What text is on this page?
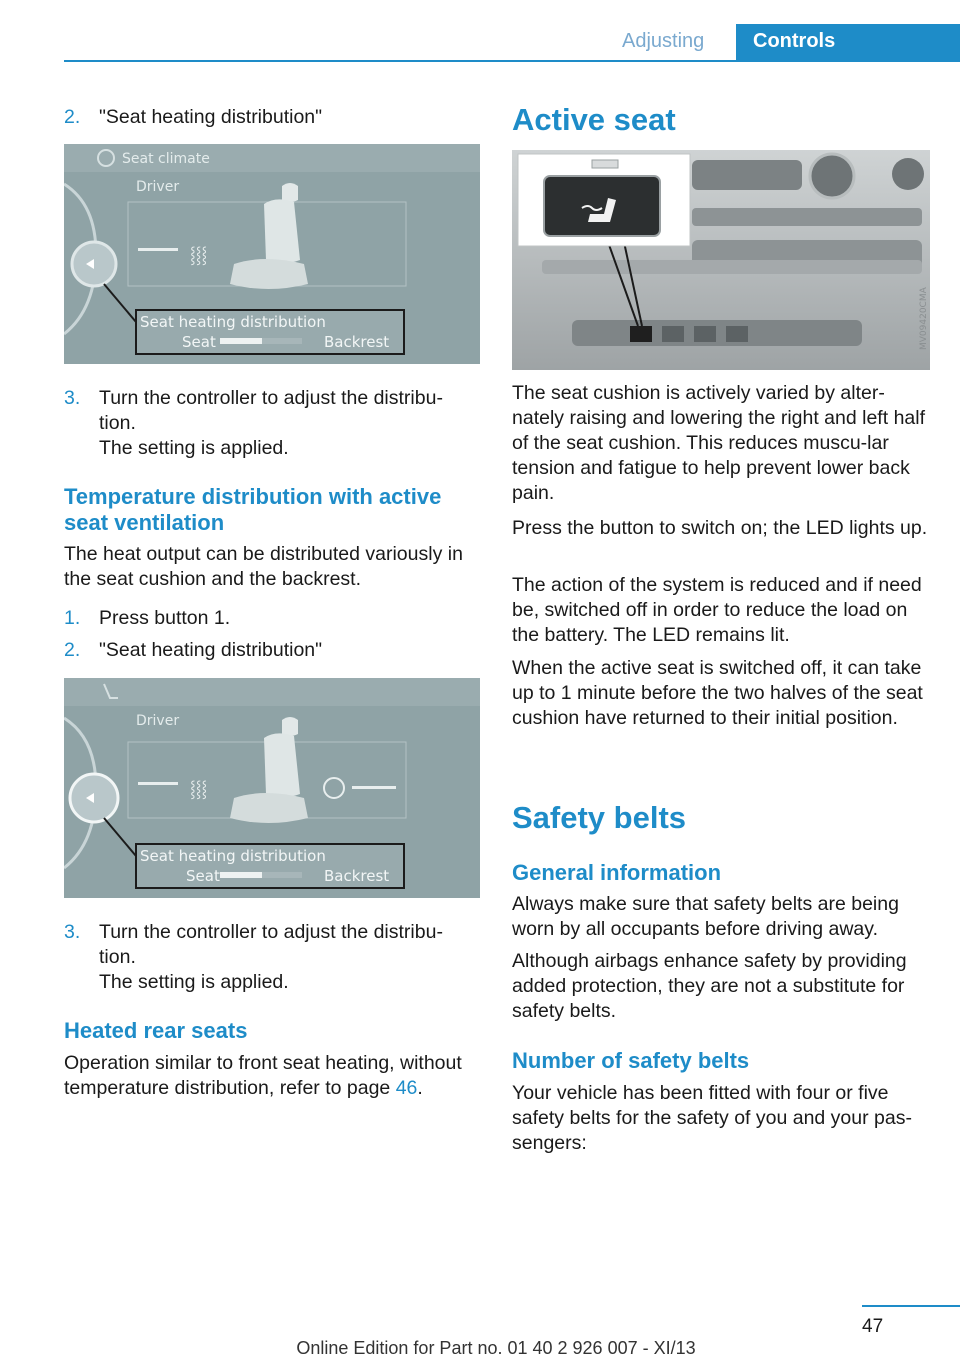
Adjusting	Controls
2. "Seat heating distribution"
Seat climate
Driver
⸾⸾⸾
Seat heating distribution
Seat	Backrest
3. Turn the controller to adjust the distribu-tion.
The setting is applied.
Temperature distribution with active seat ventilation
The heat output can be distributed variously in the seat cushion and the backrest.
1. Press button 1.
2. "Seat heating distribution"
Driver
⸾⸾⸾
Seat heating distribution
Seat	Backrest
3. Turn the controller to adjust the distribu-tion.
The setting is applied.
Heated rear seats
Operation similar to front seat heating, without temperature distribution, refer to page 46.
Active seat
MV09420CMA
The seat cushion is actively varied by alter-nately raising and lowering the right and left half of the seat cushion. This reduces muscu-lar tension and fatigue to help prevent lower back pain.
Press the button to switch on; the LED lights up.
The action of the system is reduced and if need be, switched off in order to reduce the load on the battery. The LED remains lit.
When the active seat is switched off, it can take up to 1 minute before the two halves of the seat cushion have returned to their initial position.
Safety belts
General information
Always make sure that safety belts are being worn by all occupants before driving away.
Although airbags enhance safety by providing added protection, they are not a substitute for safety belts.
Number of safety belts
Your vehicle has been fitted with four or five safety belts for the safety of you and your pas-sengers:
47
Online Edition for Part no. 01 40 2 926 007 - XI/13
